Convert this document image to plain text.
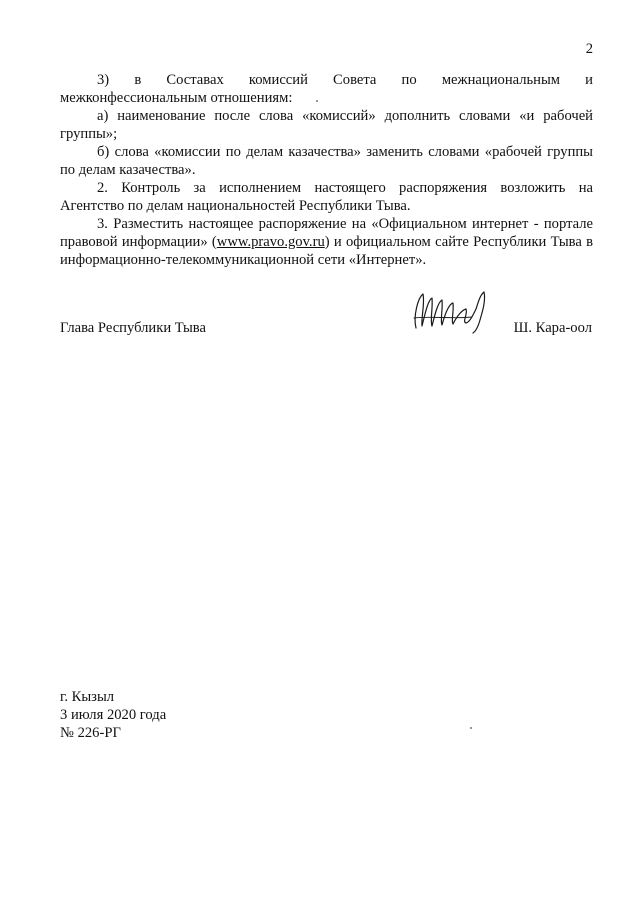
2

3) в Составах комиссий Совета по межнациональным и

межконфессиональным отношениям:

а) наименование после слова «комиссий» дополнить словами «и рабочей группы»;

б) слова «комиссии по делам казачества» заменить словами «рабочей группы по делам казачества».

2. Контроль за исполнением настоящего распоряжения возложить на Агентство по делам национальностей Республики Тыва.

3. Разместить настоящее распоряжение на «Официальном интернет - портале правовой информации» (www.pravo.gov.ru) и официальном сайте Республики Тыва в информационно-телекоммуникационной сети «Интернет».

Глава Республики Тыва	Ш. Кара-оол
г. Кызыл
3 июля 2020 года
№ 226-РГ
